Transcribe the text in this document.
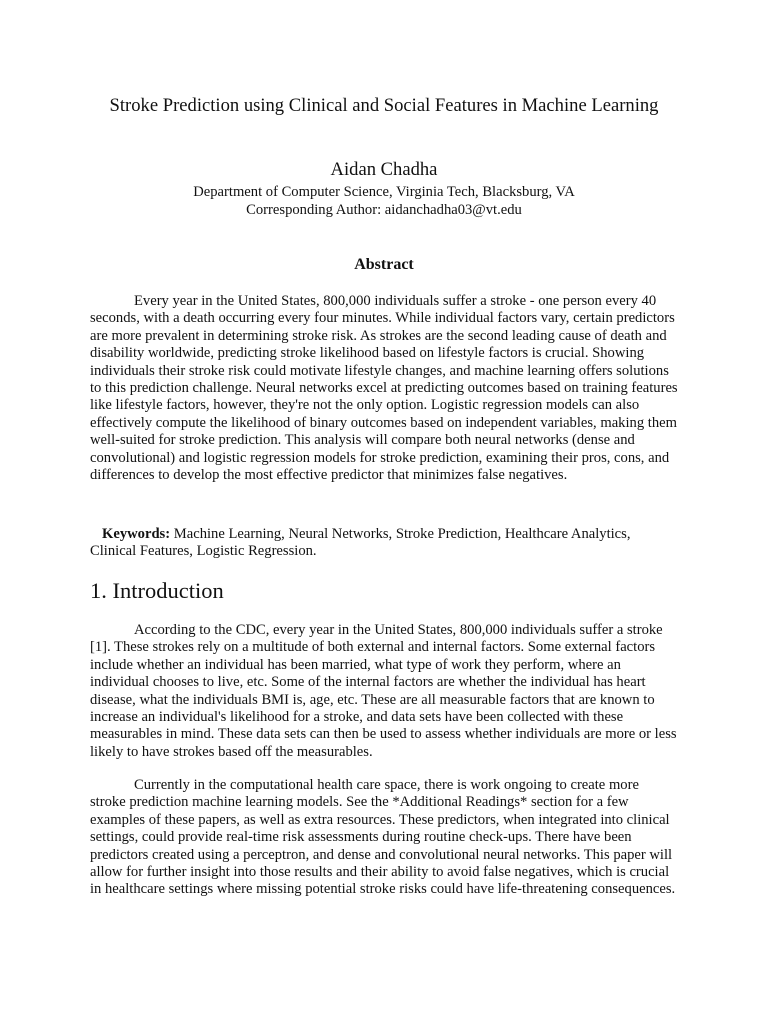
Stroke Prediction using Clinical and Social Features in Machine Learning
Aidan Chadha
Department of Computer Science, Virginia Tech, Blacksburg, VA
Corresponding Author: aidanchadha03@vt.edu
Abstract

Every year in the United States, 800,000 individuals suffer a stroke - one person every 40 seconds, with a death occurring every four minutes. While individual factors vary, certain predictors are more prevalent in determining stroke risk. As strokes are the second leading cause of death and disability worldwide, predicting stroke likelihood based on lifestyle factors is crucial. Showing individuals their stroke risk could motivate lifestyle changes, and machine learning offers solutions to this prediction challenge. Neural networks excel at predicting outcomes based on training features like lifestyle factors, however, they're not the only option. Logistic regression models can also effectively compute the likelihood of binary outcomes based on independent variables, making them well-suited for stroke prediction. This analysis will compare both neural networks (dense and convolutional) and logistic regression models for stroke prediction, examining their pros, cons, and differences to develop the most effective predictor that minimizes false negatives.

Keywords: Machine Learning, Neural Networks, Stroke Prediction, Healthcare Analytics, Clinical Features, Logistic Regression.

1. Introduction

According to the CDC, every year in the United States, 800,000 individuals suffer a stroke [1]. These strokes rely on a multitude of both external and internal factors. Some external factors include whether an individual has been married, what type of work they perform, where an individual chooses to live, etc. Some of the internal factors are whether the individual has heart disease, what the individuals BMI is, age, etc. These are all measurable factors that are known to increase an individual's likelihood for a stroke, and data sets have been collected with these measurables in mind. These data sets can then be used to assess whether individuals are more or less likely to have strokes based off the measurables.

Currently in the computational health care space, there is work ongoing to create more stroke prediction machine learning models. See the *Additional Readings* section for a few examples of these papers, as well as extra resources. These predictors, when integrated into clinical settings, could provide real-time risk assessments during routine check-ups. There have been predictors created using a perceptron, and dense and convolutional neural networks. This paper will allow for further insight into those results and their ability to avoid false negatives, which is crucial in healthcare settings where missing potential stroke risks could have life-threatening consequences.
